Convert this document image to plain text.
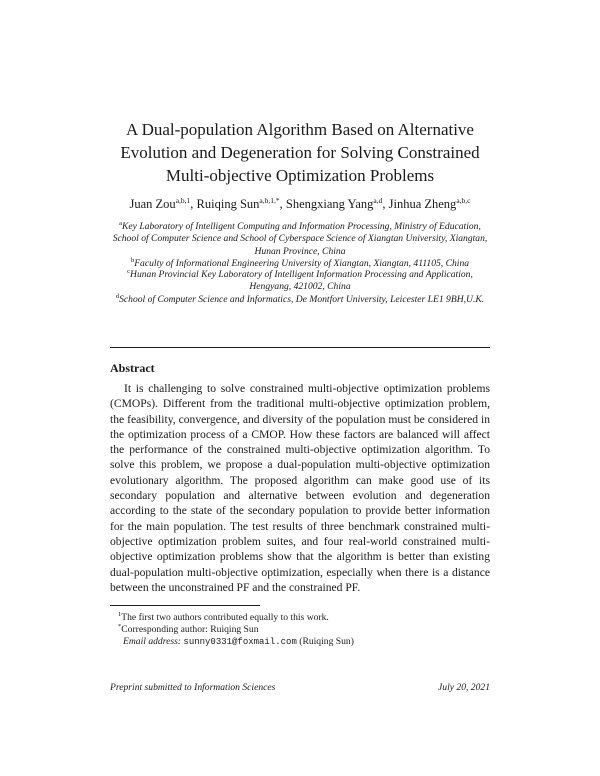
A Dual-population Algorithm Based on Alternative
Evolution and Degeneration for Solving Constrained
Multi-objective Optimization Problems
Juan Zou$^{a,b,1}$, Ruiqing Sun$^{a,b,1,*}$, Shengxiang Yang$^{a,d}$, Jinhua Zheng$^{a,b,c}$
$^a$Key Laboratory of Intelligent Computing and Information Processing, Ministry of Education, School of Computer Science and School of Cyberspace Science of Xiangtan University, Xiangtan, Hunan Province, China
$^b$Faculty of Informational Engineering University of Xiangtan, Xiangtan, 411105, China
$^c$Hunan Provincial Key Laboratory of Intelligent Information Processing and Application, Hengyang, 421002, China
$^d$School of Computer Science and Informatics, De Montfort University, Leicester LE1 9BH,U.K.
Abstract
It is challenging to solve constrained multi-objective optimization problems (CMOPs). Different from the traditional multi-objective optimization problem, the feasibility, convergence, and diversity of the population must be considered in the optimization process of a CMOP. How these factors are balanced will affect the performance of the constrained multi-objective optimization algorithm. To solve this problem, we propose a dual-population multi-objective optimization evolutionary algorithm. The proposed algorithm can make good use of its secondary population and alternative between evolution and degeneration according to the state of the secondary population to provide better information for the main population. The test results of three benchmark constrained multi-objective optimization problem suites, and four real-world constrained multi-objective optimization problems show that the algorithm is better than existing dual-population multi-objective optimization, especially when there is a distance between the unconstrained PF and the constrained PF.
$^1$The first two authors contributed equally to this work.
*Corresponding author: Ruiqing Sun
Email address: sunny0331@foxmail.com (Ruiqing Sun)
Preprint submitted to Information Sciences	July 20, 2021
